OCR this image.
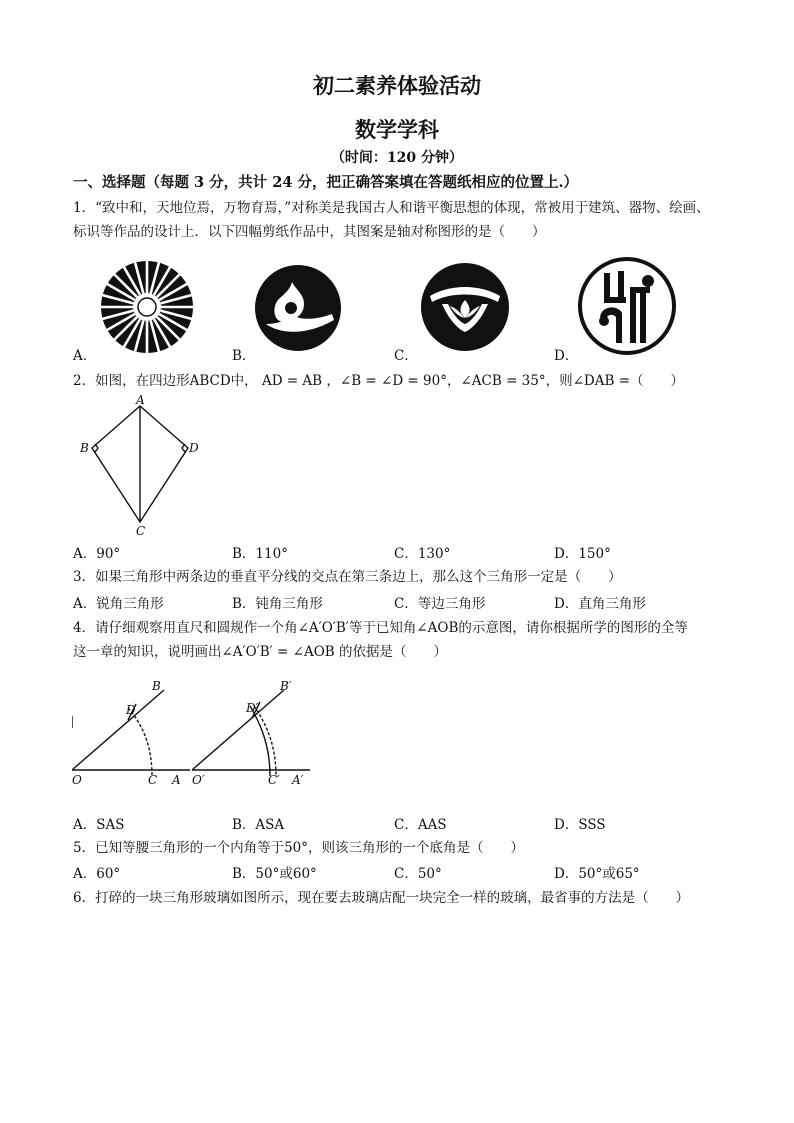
初二素养体验活动
数学学科
（时间：120 分钟）
一、选择题（每题 3 分，共计 24 分，把正确答案填在答题纸相应的位置上.）
1．“致中和，天地位焉，万物育焉，”对称美是我国古人和谐平衡思想的体现，常被用于建筑、器物、绘画、
标识等作品的设计上．以下四幅剪纸作品中，其图案是轴对称图形的是（　　）
A．	B．	C．	D．
2．如图，在四边形ABCD中， AD = AB ，∠B = ∠D = 90°，∠ACB = 35°，则∠DAB =（　　）
A
B
C
D
A．90°	B．110°	C．130°	D．150°
3．如果三角形中两条边的垂直平分线的交点在第三条边上，那么这个三角形一定是（　　）
A．锐角三角形	B．钝角三角形	C．等边三角形	D．直角三角形
4．请仔细观察用直尺和圆规作一个角∠A′O′B′等于已知角∠AOB的示意图，请你根据所学的图形的全等
这一章的知识，说明画出∠A′O′B′ = ∠AOB 的依据是（　　）
B
D
O	C A
B′
D′
O′	C′ A′
A．SAS	B．ASA	C．AAS	D．SSS
5．已知等腰三角形的一个内角等于50°，则该三角形的一个底角是（　　）
A．60°	B．50°或60°	C．50°	D．50°或65°
6．打碎的一块三角形玻璃如图所示，现在要去玻璃店配一块完全一样的玻璃，最省事的方法是（　　）
